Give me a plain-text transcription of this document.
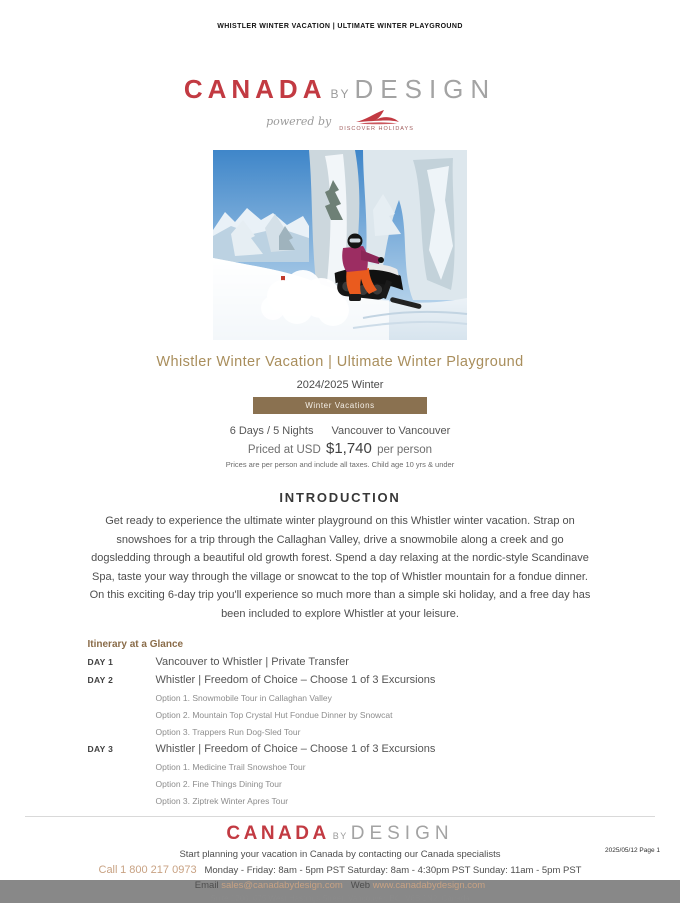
WHISTLER WINTER VACATION | ULTIMATE WINTER PLAYGROUND
CANADA BY DESIGN
powered by
DISCOVER HOLIDAYS
Whistler Winter Vacation | Ultimate Winter Playground
2024/2025 Winter
Winter Vacations
6 Days / 5 Nights Vancouver to Vancouver
Priced at USD $1,740 per person
Prices are per person and include all taxes. Child age 10 yrs & under
INTRODUCTION
Get ready to experience the ultimate winter playground on this Whistler winter vacation. Strap on snowshoes for a trip through the Callaghan Valley, drive a snowmobile along a creek and go dogsledding through a beautiful old growth forest. Spend a day relaxing at the nordic-style Scandinave Spa, taste your way through the village or snowcat to the top of Whistler mountain for a fondue dinner. On this exciting 6-day trip you'll experience so much more than a simple ski holiday, and a free day has been included to explore Whistler at your leisure.
Itinerary at a Glance
DAY 1	Vancouver to Whistler | Private Transfer
DAY 2	Whistler | Freedom of Choice – Choose 1 of 3 Excursions
Option 1. Snowmobile Tour in Callaghan Valley
Option 2. Mountain Top Crystal Hut Fondue Dinner by Snowcat
Option 3. Trappers Run Dog-Sled Tour
DAY 3	Whistler | Freedom of Choice – Choose 1 of 3 Excursions
Option 1. Medicine Trail Snowshoe Tour
Option 2. Fine Things Dining Tour
Option 3. Ziptrek Winter Apres Tour
CANADA BY DESIGN
Start planning your vacation in Canada by contacting our Canada specialists
Call 1 800 217 0973 Monday - Friday: 8am - 5pm PST Saturday: 8am - 4:30pm PST Sunday: 11am - 5pm PST
Email sales@canadabydesign.com Web www.canadabydesign.com
Suite 1200, 675 West Hastings Street, Vancouver, BC, V6B 1N2, Canada
2025/05/12 Page 1
